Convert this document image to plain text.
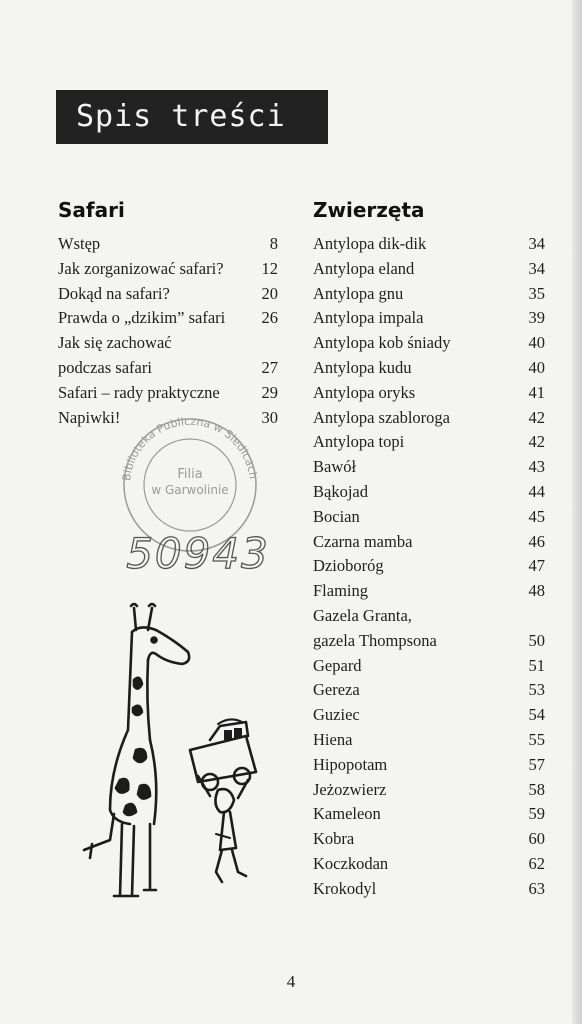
Spis treści
Safari	Zwierzęta
Wstęp	8
Jak zorganizować safari? 12
Dokąd na safari?	20
Prawda o „dzikim” safari 26
Jak się zachować
podczas safari	27
Safari – rady praktyczne	29
Napiwki!	30
Antylopa dik-dik	34
Antylopa eland	34
Antylopa gnu	35
Antylopa impala	39
Antylopa kob śniady	40
Antylopa kudu	40
Antylopa oryks	41
Antylopa szabloroga	42
Antylopa topi	42
Bawół	43
Bąkojad	44
Bocian	45
Czarna mamba	46
Dzioboróg	47
Flaming	48
Gazela Granta,
gazela Thompsona	50
Gepard	51
Gereza	53
Guziec	54
Hiena	55
Hipopotam	57
Jeżozwierz	58
Kameleon	59
Kobra	60
Koczkodan	62
Krokodyl	63
Biblioteka Publiczna w Siedlcach
Filia
w Garwolinie
50943
4
